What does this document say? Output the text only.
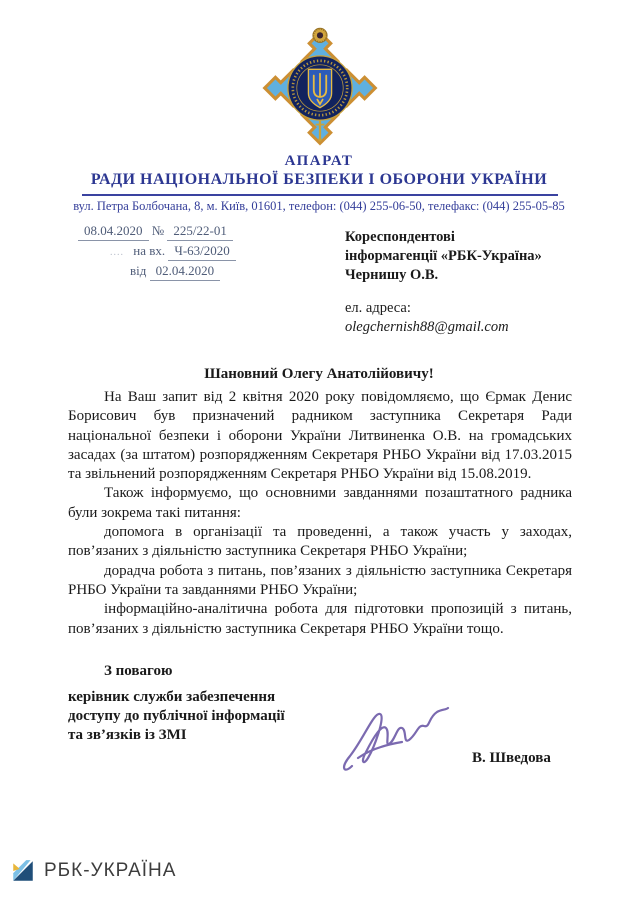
АПАРАТ
РАДИ НАЦІОНАЛЬНОЇ БЕЗПЕКИ І ОБОРОНИ УКРАЇНИ
вул. Петра Болбочана, 8, м. Київ, 01601, телефон: (044) 255-06-50, телефакс: (044) 255-05-85
08.04.2020 № 225/22-01
.... на вх. Ч-63/2020
від 02.04.2020
Кореспондентові
інформагенції «РБК-Україна»
Чернишу О.В.
ел. адреса:
olegchernish88@gmail.com
Шановний Олегу Анатолійовичу!

На Ваш запит від 2 квітня 2020 року повідомляємо, що Єрмак Денис Борисович був призначений радником заступника Секретаря Ради національної безпеки і оборони України Литвиненка О.В. на громадських засадах (за штатом) розпорядженням Секретаря РНБО України від 17.03.2015 та звільнений розпорядженням Секретаря РНБО України від 15.08.2019.

Також інформуємо, що основними завданнями позаштатного радника були зокрема такі питання:

допомога в організації та проведенні, а також участь у заходах, пов’язаних з діяльністю заступника Секретаря РНБО України;

дорадча робота з питань, пов’язаних з діяльністю заступника Секретаря РНБО України та завданнями РНБО України;

інформаційно-аналітична робота для підготовки пропозицій з питань, пов’язаних з діяльністю заступника Секретаря РНБО України тощо.

З повагою
керівник служби забезпечення
доступу до публічної інформації
та зв’язків із ЗМІ
В. Шведова
РБК-УКРАЇНА
